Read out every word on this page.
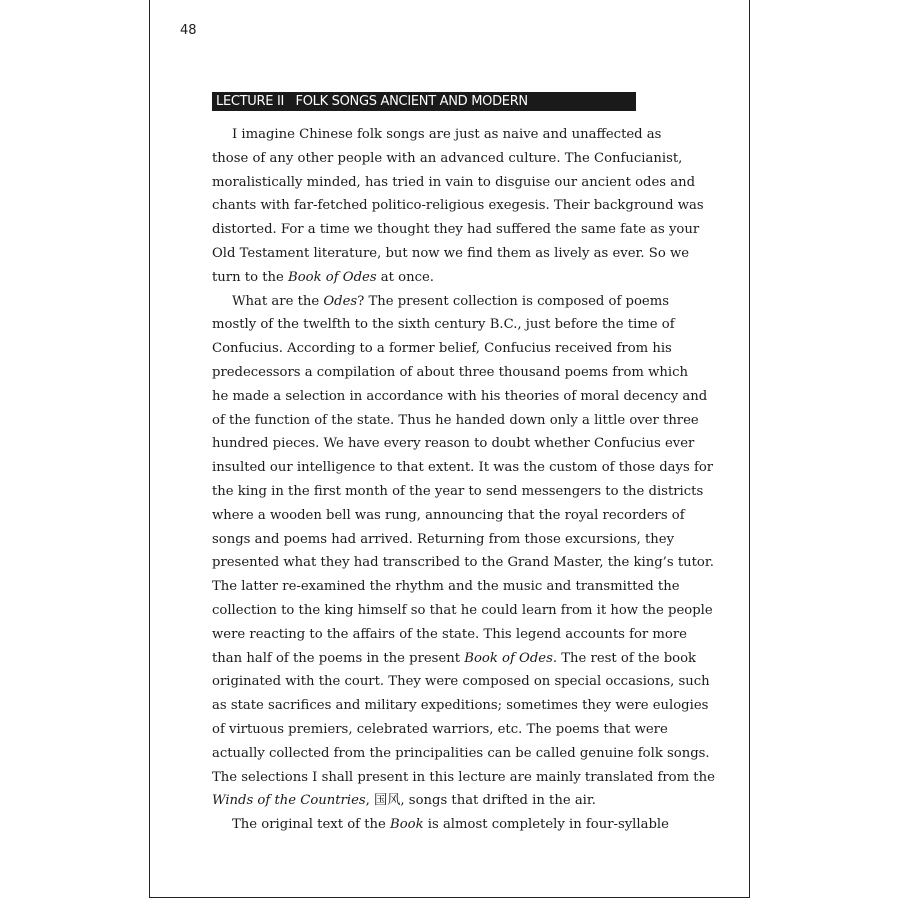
48
LECTURE II
FOLK SONGS ANCIENT AND MODERN
I imagine Chinese folk songs are just as naive and unaffected as
those of any other people with an advanced culture. The Confucianist,
moralistically minded, has tried in vain to disguise our ancient odes and
chants with far-fetched politico-religious exegesis. Their background was
distorted. For a time we thought they had suffered the same fate as your
Old Testament literature, but now we find them as lively as ever. So we
turn to the Book of Odes at once.
What are the Odes? The present collection is composed of poems
mostly of the twelfth to the sixth century B.C., just before the time of
Confucius. According to a former belief, Confucius received from his
predecessors a compilation of about three thousand poems from which
he made a selection in accordance with his theories of moral decency and
of the function of the state. Thus he handed down only a little over three
hundred pieces. We have every reason to doubt whether Confucius ever
insulted our intelligence to that extent. It was the custom of those days for
the king in the first month of the year to send messengers to the districts
where a wooden bell was rung, announcing that the royal recorders of
songs and poems had arrived. Returning from those excursions, they
presented what they had transcribed to the Grand Master, the king’s tutor.
The latter re-examined the rhythm and the music and transmitted the
collection to the king himself so that he could learn from it how the people
were reacting to the affairs of the state. This legend accounts for more
than half of the poems in the present Book of Odes. The rest of the book
originated with the court. They were composed on special occasions, such
as state sacrifices and military expeditions; sometimes they were eulogies
of virtuous premiers, celebrated warriors, etc. The poems that were
actually collected from the principalities can be called genuine folk songs.
The selections I shall present in this lecture are mainly translated from the
Winds of the Countries, 国风, songs that drifted in the air.
The original text of the Book is almost completely in four-syllable
